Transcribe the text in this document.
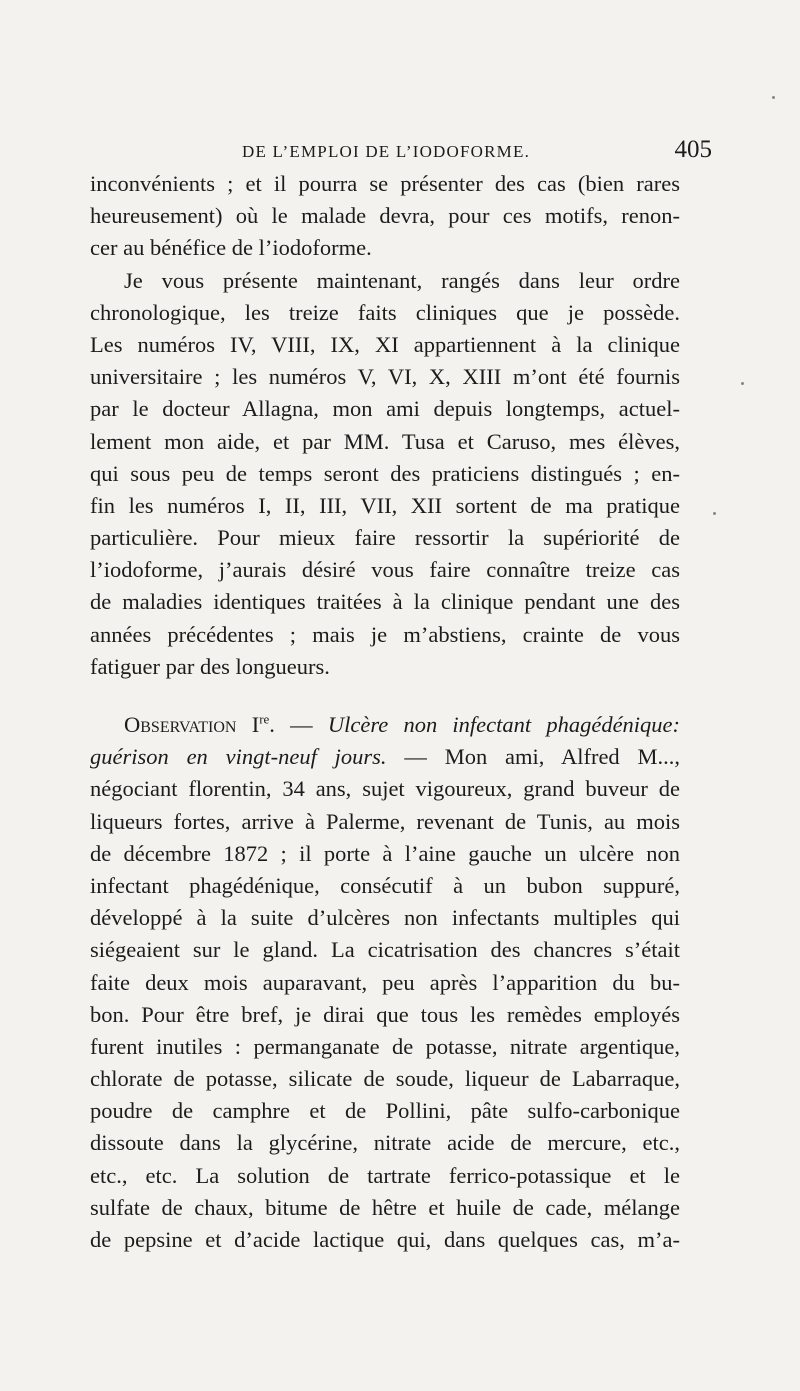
DE L’EMPLOI DE L’IODOFORME.	405
inconvénients ; et il pourra se présenter des cas (bien rares
heureusement) où le malade devra, pour ces motifs, renon-
cer au bénéfice de l’iodoforme.
Je vous présente maintenant, rangés dans leur ordre
chronologique, les treize faits cliniques que je possède.
Les numéros IV, VIII, IX, XI appartiennent à la clinique
universitaire ; les numéros V, VI, X, XIII m’ont été fournis
par le docteur Allagna, mon ami depuis longtemps, actuel-
lement mon aide, et par MM. Tusa et Caruso, mes élèves,
qui sous peu de temps seront des praticiens distingués ; en-
fin les numéros I, II, III, VII, XII sortent de ma pratique
particulière. Pour mieux faire ressortir la supériorité de
l’iodoforme, j’aurais désiré vous faire connaître treize cas
de maladies identiques traitées à la clinique pendant une des
années précédentes ; mais je m’abstiens, crainte de vous
fatiguer par des longueurs.
Observation Ire. — Ulcère non infectant phagédénique:
guérison en vingt-neuf jours. — Mon ami, Alfred M...,
négociant florentin, 34 ans, sujet vigoureux, grand buveur de
liqueurs fortes, arrive à Palerme, revenant de Tunis, au mois
de décembre 1872 ; il porte à l’aine gauche un ulcère non
infectant phagédénique, consécutif à un bubon suppuré,
développé à la suite d’ulcères non infectants multiples qui
siégeaient sur le gland. La cicatrisation des chancres s’était
faite deux mois auparavant, peu après l’apparition du bu-
bon. Pour être bref, je dirai que tous les remèdes employés
furent inutiles : permanganate de potasse, nitrate argentique,
chlorate de potasse, silicate de soude, liqueur de Labarraque,
poudre de camphre et de Pollini, pâte sulfo-carbonique
dissoute dans la glycérine, nitrate acide de mercure, etc.,
etc., etc. La solution de tartrate ferrico-potassique et le
sulfate de chaux, bitume de hêtre et huile de cade, mélange
de pepsine et d’acide lactique qui, dans quelques cas, m’a-
